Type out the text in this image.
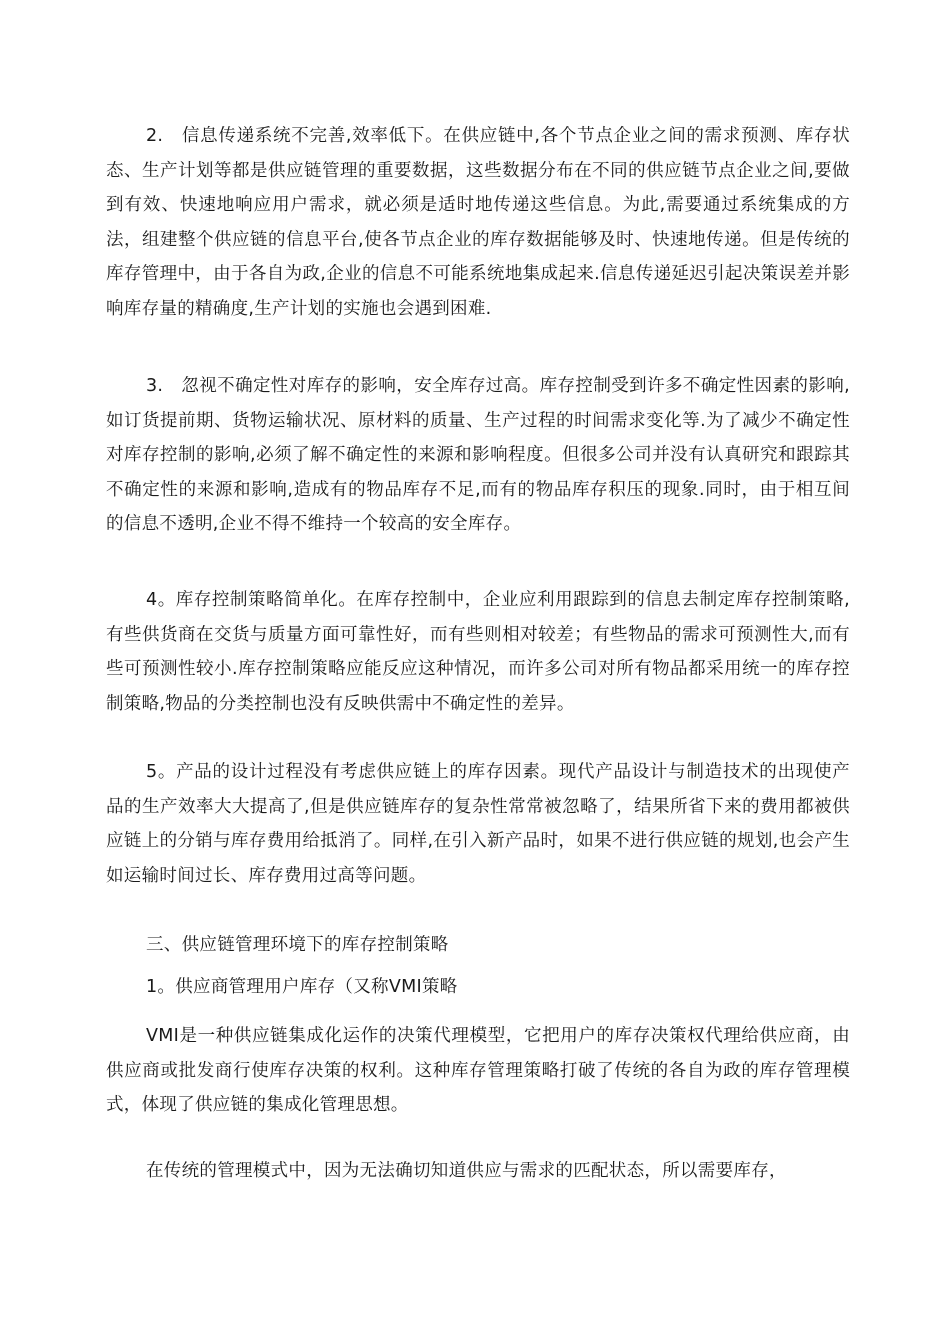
2.　信息传递系统不完善,效率低下。在供应链中,各个节点企业之间的需求预测、库存状态、生产计划等都是供应链管理的重要数据，这些数据分布在不同的供应链节点企业之间,要做到有效、快速地响应用户需求，就必须是适时地传递这些信息。为此,需要通过系统集成的方法，组建整个供应链的信息平台,使各节点企业的库存数据能够及时、快速地传递。但是传统的库存管理中，由于各自为政,企业的信息不可能系统地集成起来.信息传递延迟引起决策误差并影响库存量的精确度,生产计划的实施也会遇到困难.

3.　忽视不确定性对库存的影响，安全库存过高。库存控制受到许多不确定性因素的影响,如订货提前期、货物运输状况、原材料的质量、生产过程的时间需求变化等.为了减少不确定性对库存控制的影响,必须了解不确定性的来源和影响程度。但很多公司并没有认真研究和跟踪其不确定性的来源和影响,造成有的物品库存不足,而有的物品库存积压的现象.同时，由于相互间的信息不透明,企业不得不维持一个较高的安全库存。

4。库存控制策略简单化。在库存控制中，企业应利用跟踪到的信息去制定库存控制策略,有些供货商在交货与质量方面可靠性好，而有些则相对较差；有些物品的需求可预测性大,而有些可预测性较小.库存控制策略应能反应这种情况，而许多公司对所有物品都采用统一的库存控制策略,物品的分类控制也没有反映供需中不确定性的差异。

5。产品的设计过程没有考虑供应链上的库存因素。现代产品设计与制造技术的出现使产品的生产效率大大提高了,但是供应链库存的复杂性常常被忽略了，结果所省下来的费用都被供应链上的分销与库存费用给抵消了。同样,在引入新产品时，如果不进行供应链的规划,也会产生如运输时间过长、库存费用过高等问题。

三、供应链管理环境下的库存控制策略

1。供应商管理用户库存（又称VMI策略

VMI是一种供应链集成化运作的决策代理模型，它把用户的库存决策权代理给供应商，由供应商或批发商行使库存决策的权利。这种库存管理策略打破了传统的各自为政的库存管理模式，体现了供应链的集成化管理思想。

在传统的管理模式中，因为无法确切知道供应与需求的匹配状态，所以需要库存，
